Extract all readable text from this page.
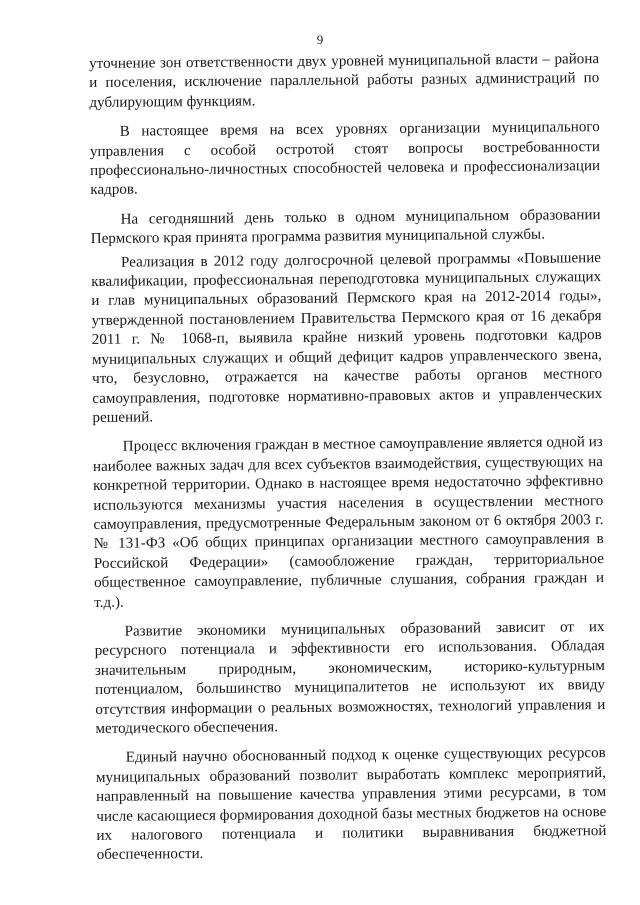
9

уточнение зон ответственности двух уровней муниципальной власти – района и поселения, исключение параллельной работы разных администраций по дублирующим функциям.

В настоящее время на всех уровнях организации муниципального управления с особой остротой стоят вопросы востребованности профессионально-личностных способностей человека и профессионализации кадров.

На сегодняшний день только в одном муниципальном образовании Пермского края принята программа развития муниципальной службы.

Реализация в 2012 году долгосрочной целевой программы «Повышение квалификации, профессиональная переподготовка муниципальных служащих и глав муниципальных образований Пермского края на 2012-2014 годы», утвержденной постановлением Правительства Пермского края от 16 декабря 2011 г. № 1068-п, выявила крайне низкий уровень подготовки кадров муниципальных служащих и общий дефицит кадров управленческого звена, что, безусловно, отражается на качестве работы органов местного самоуправления, подготовке нормативно-правовых актов и управленческих решений.

Процесс включения граждан в местное самоуправление является одной из наиболее важных задач для всех субъектов взаимодействия, существующих на конкретной территории. Однако в настоящее время недостаточно эффективно используются механизмы участия населения в осуществлении местного самоуправления, предусмотренные Федеральным законом от 6 октября 2003 г. № 131-ФЗ «Об общих принципах организации местного самоуправления в Российской Федерации» (самообложение граждан, территориальное общественное самоуправление, публичные слушания, собрания граждан и т.д.).

Развитие экономики муниципальных образований зависит от их ресурсного потенциала и эффективности его использования. Обладая значительным природным, экономическим, историко-культурным потенциалом, большинство муниципалитетов не используют их ввиду отсутствия информации о реальных возможностях, технологий управления и методического обеспечения.

Единый научно обоснованный подход к оценке существующих ресурсов муниципальных образований позволит выработать комплекс мероприятий, направленный на повышение качества управления этими ресурсами, в том числе касающиеся формирования доходной базы местных бюджетов на основе их налогового потенциала и политики выравнивания бюджетной обеспеченности.
